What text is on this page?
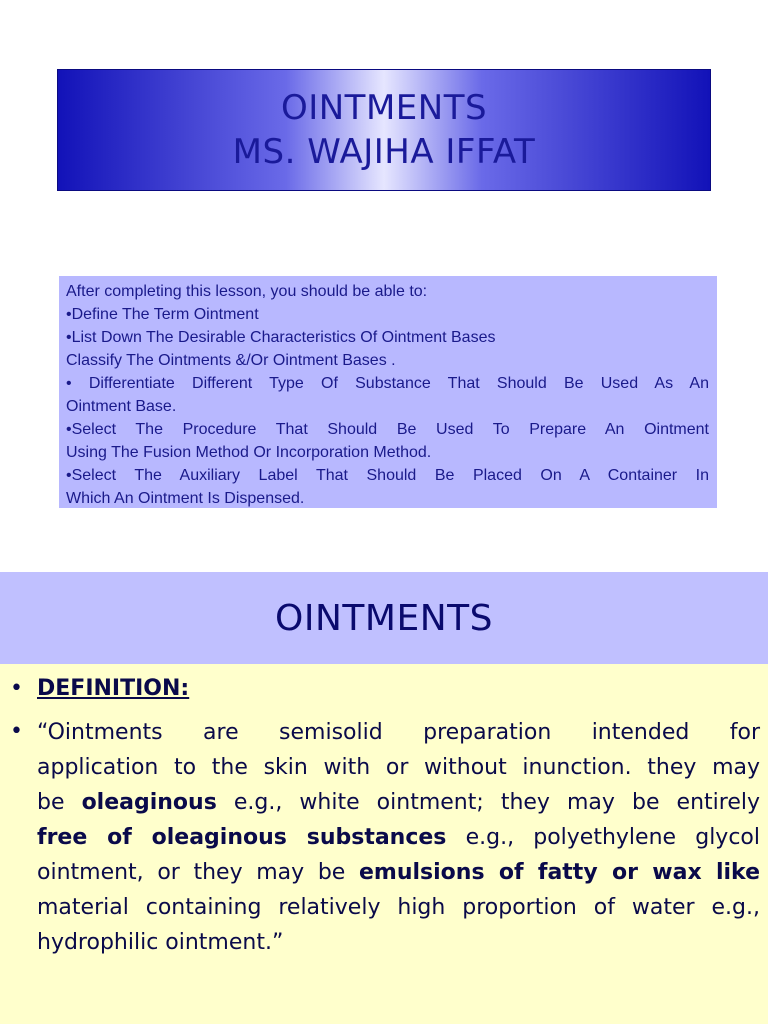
OINTMENTS
MS. WAJIHA IFFAT
After completing this lesson, you should be able to:
•Define The Term Ointment
•List Down The Desirable Characteristics Of Ointment Bases
Classify The Ointments &/Or Ointment Bases .
• Differentiate Different Type Of Substance That Should Be Used As An
Ointment Base.
•Select The Procedure That Should Be Used To Prepare An Ointment
Using The Fusion Method Or Incorporation Method.
•Select The Auxiliary Label That Should Be Placed On A Container In
Which An Ointment Is Dispensed.
OINTMENTS
• DEFINITION:
• “Ointments are semisolid preparation intended for
application to the skin with or without inunction. they may
be oleaginous e.g., white ointment; they may be entirely
free of oleaginous substances e.g., polyethylene glycol
ointment, or they may be emulsions of fatty or wax like
material containing relatively high proportion of water e.g.,
hydrophilic ointment.”
